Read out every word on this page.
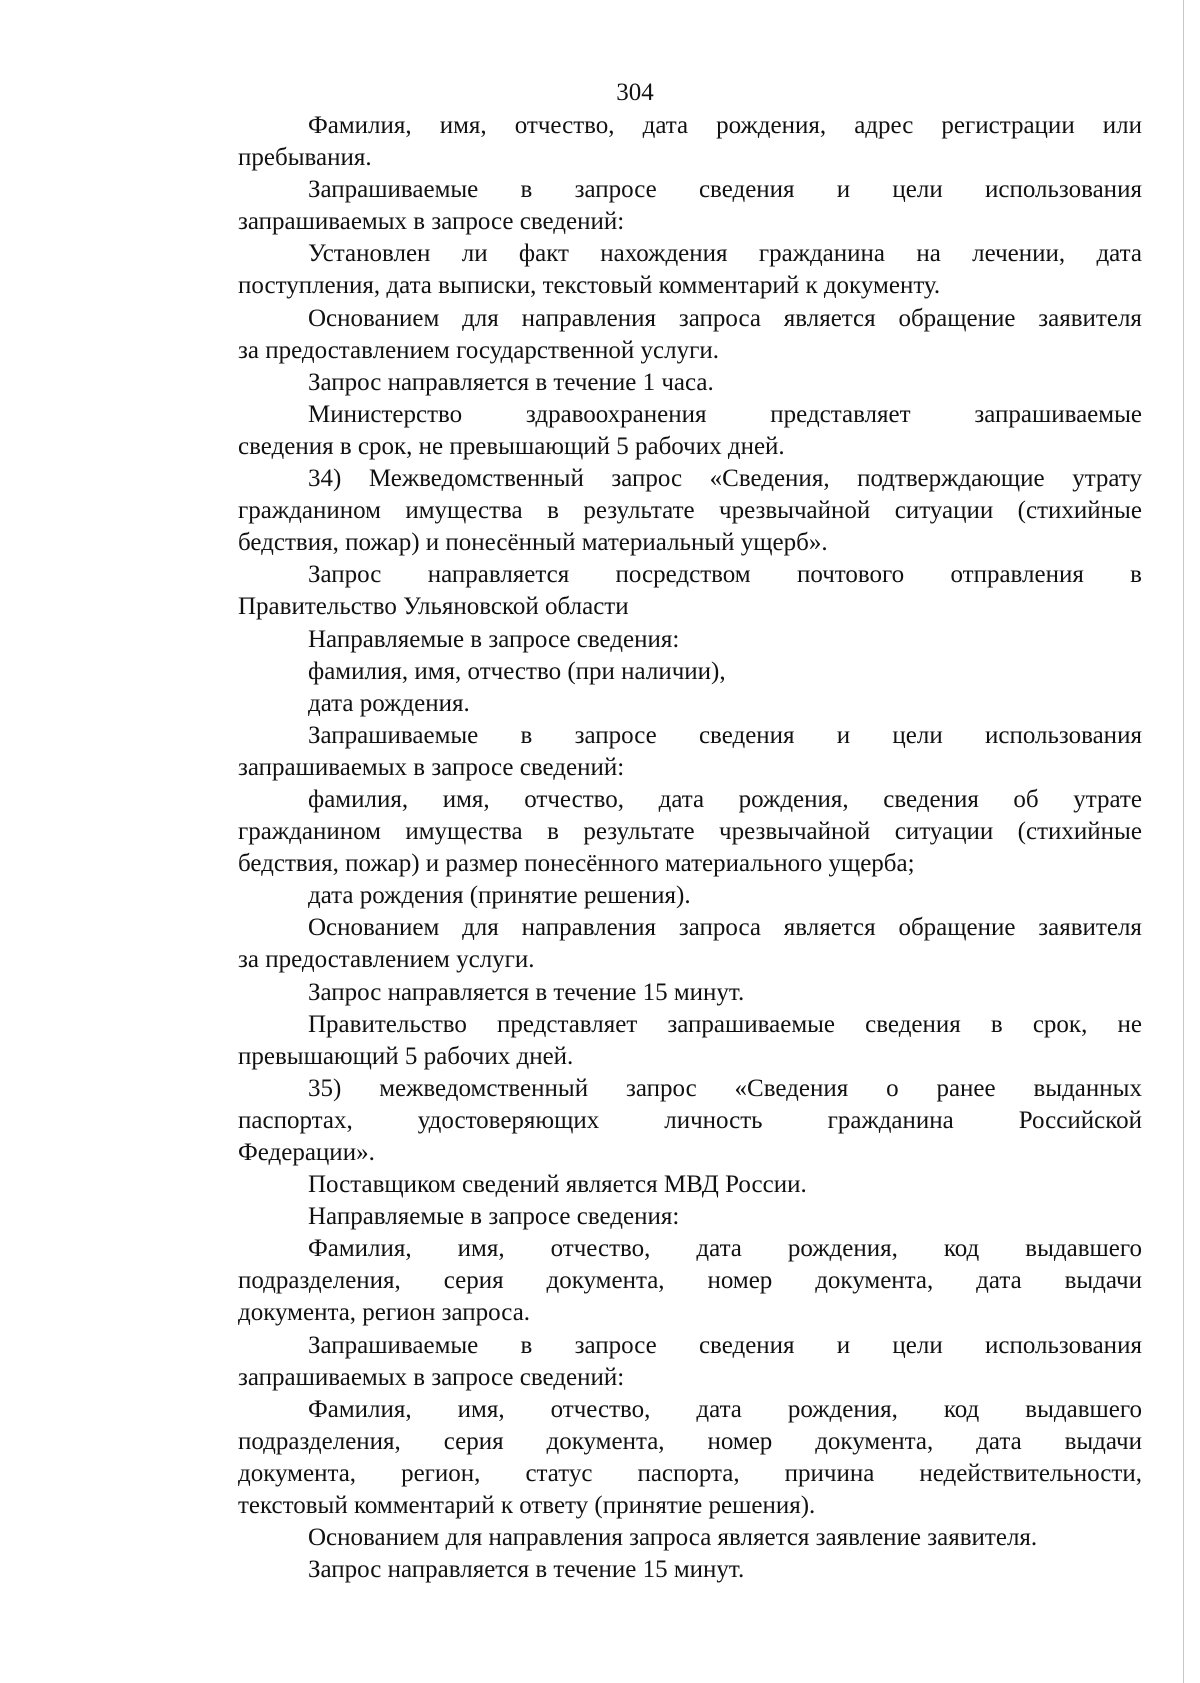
304
Фамилия, имя, отчество, дата рождения, адрес регистрации или
пребывания.
Запрашиваемые в запросе сведения и цели использования
запрашиваемых в запросе сведений:
Установлен ли факт нахождения гражданина на лечении, дата
поступления, дата выписки, текстовый комментарий к документу.
Основанием для направления запроса является обращение заявителя
за предоставлением государственной услуги.
Запрос направляется в течение 1 часа.
Министерство	здравоохранения	представляет	запрашиваемые
сведения в срок, не превышающий 5 рабочих дней.
34) Межведомственный запрос «Сведения, подтверждающие утрату
гражданином имущества в результате чрезвычайной ситуации (стихийные
бедствия, пожар) и понесённый материальный ущерб».
Запрос направляется посредством почтового отправления в
Правительство Ульяновской области
Направляемые в запросе сведения:
фамилия, имя, отчество (при наличии),
дата рождения.
Запрашиваемые в запросе сведения и цели использования
запрашиваемых в запросе сведений:
фамилия, имя, отчество, дата рождения, сведения об утрате
гражданином имущества в результате чрезвычайной ситуации (стихийные
бедствия, пожар) и размер понесённого материального ущерба;
дата рождения (принятие решения).
Основанием для направления запроса является обращение заявителя
за предоставлением услуги.
Запрос направляется в течение 15 минут.
Правительство представляет запрашиваемые сведения в срок, не
превышающий 5 рабочих дней.
35) межведомственный запрос «Сведения о ранее выданных
паспортах,	удостоверяющих	личность	гражданина	Российской
Федерации».
Поставщиком сведений является МВД России.
Направляемые в запросе сведения:
Фамилия, имя, отчество, дата рождения, код выдавшего
подразделения, серия документа, номер документа, дата выдачи
документа, регион запроса.
Запрашиваемые в запросе сведения и цели использования
запрашиваемых в запросе сведений:
Фамилия, имя, отчество, дата рождения, код выдавшего
подразделения, серия документа, номер документа, дата выдачи
документа, регион, статус паспорта, причина недействительности,
текстовый комментарий к ответу (принятие решения).
Основанием для направления запроса является заявление заявителя.
Запрос направляется в течение 15 минут.
